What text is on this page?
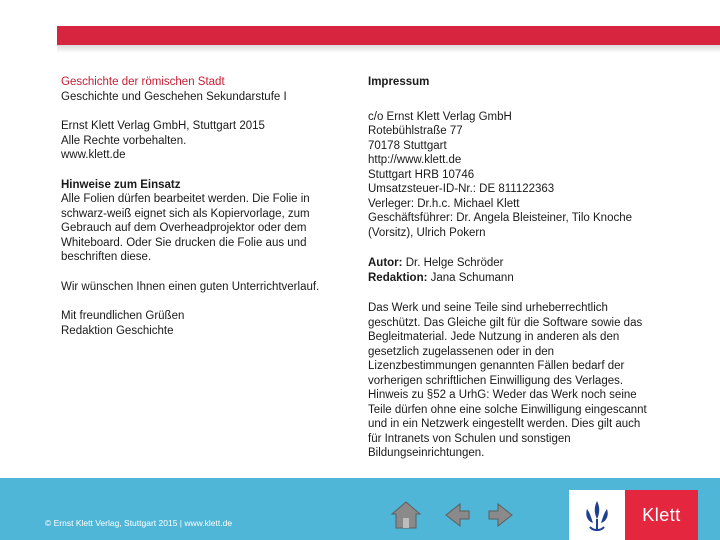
Geschichte der römischen Stadt

Geschichte und Geschehen Sekundarstufe I

Ernst Klett Verlag GmbH, Stuttgart 2015

Alle Rechte vorbehalten.

www.klett.de

Hinweise zum Einsatz

Alle Folien dürfen bearbeitet werden. Die Folie in

schwarz-weiß eignet sich als Kopiervorlage, zum

Gebrauch auf dem Overheadprojektor oder dem

Whiteboard. Oder Sie drucken die Folie aus und

beschriften diese.

Wir wünschen Ihnen einen guten Unterrichtverlauf.

Mit freundlichen Grüßen

Redaktion Geschichte

Impressum

c/o Ernst Klett Verlag GmbH

Rotebühlstraße 77

70178 Stuttgart

http://www.klett.de

Stuttgart HRB 10746

Umsatzsteuer-ID-Nr.: DE 811122363

Verleger: Dr.h.c. Michael Klett

Geschäftsführer: Dr. Angela Bleisteiner, Tilo Knoche

(Vorsitz), Ulrich Pokern

Autor: Dr. Helge Schröder

Redaktion: Jana Schumann

Das Werk und seine Teile sind urheberrechtlich

geschützt. Das Gleiche gilt für die Software sowie das

Begleitmaterial. Jede Nutzung in anderen als den

gesetzlich zugelassenen oder in den

Lizenzbestimmungen genannten Fällen bedarf der

vorherigen schriftlichen Einwilligung des Verlages.

Hinweis zu §52 a UrhG: Weder das Werk noch seine

Teile dürfen ohne eine solche Einwilligung eingescannt

und in ein Netzwerk eingestellt werden. Dies gilt auch

für Intranets von Schulen und sonstigen

Bildungseinrichtungen.

© Ernst Klett Verlag, Stuttgart 2015 | www.klett.de	Klett
